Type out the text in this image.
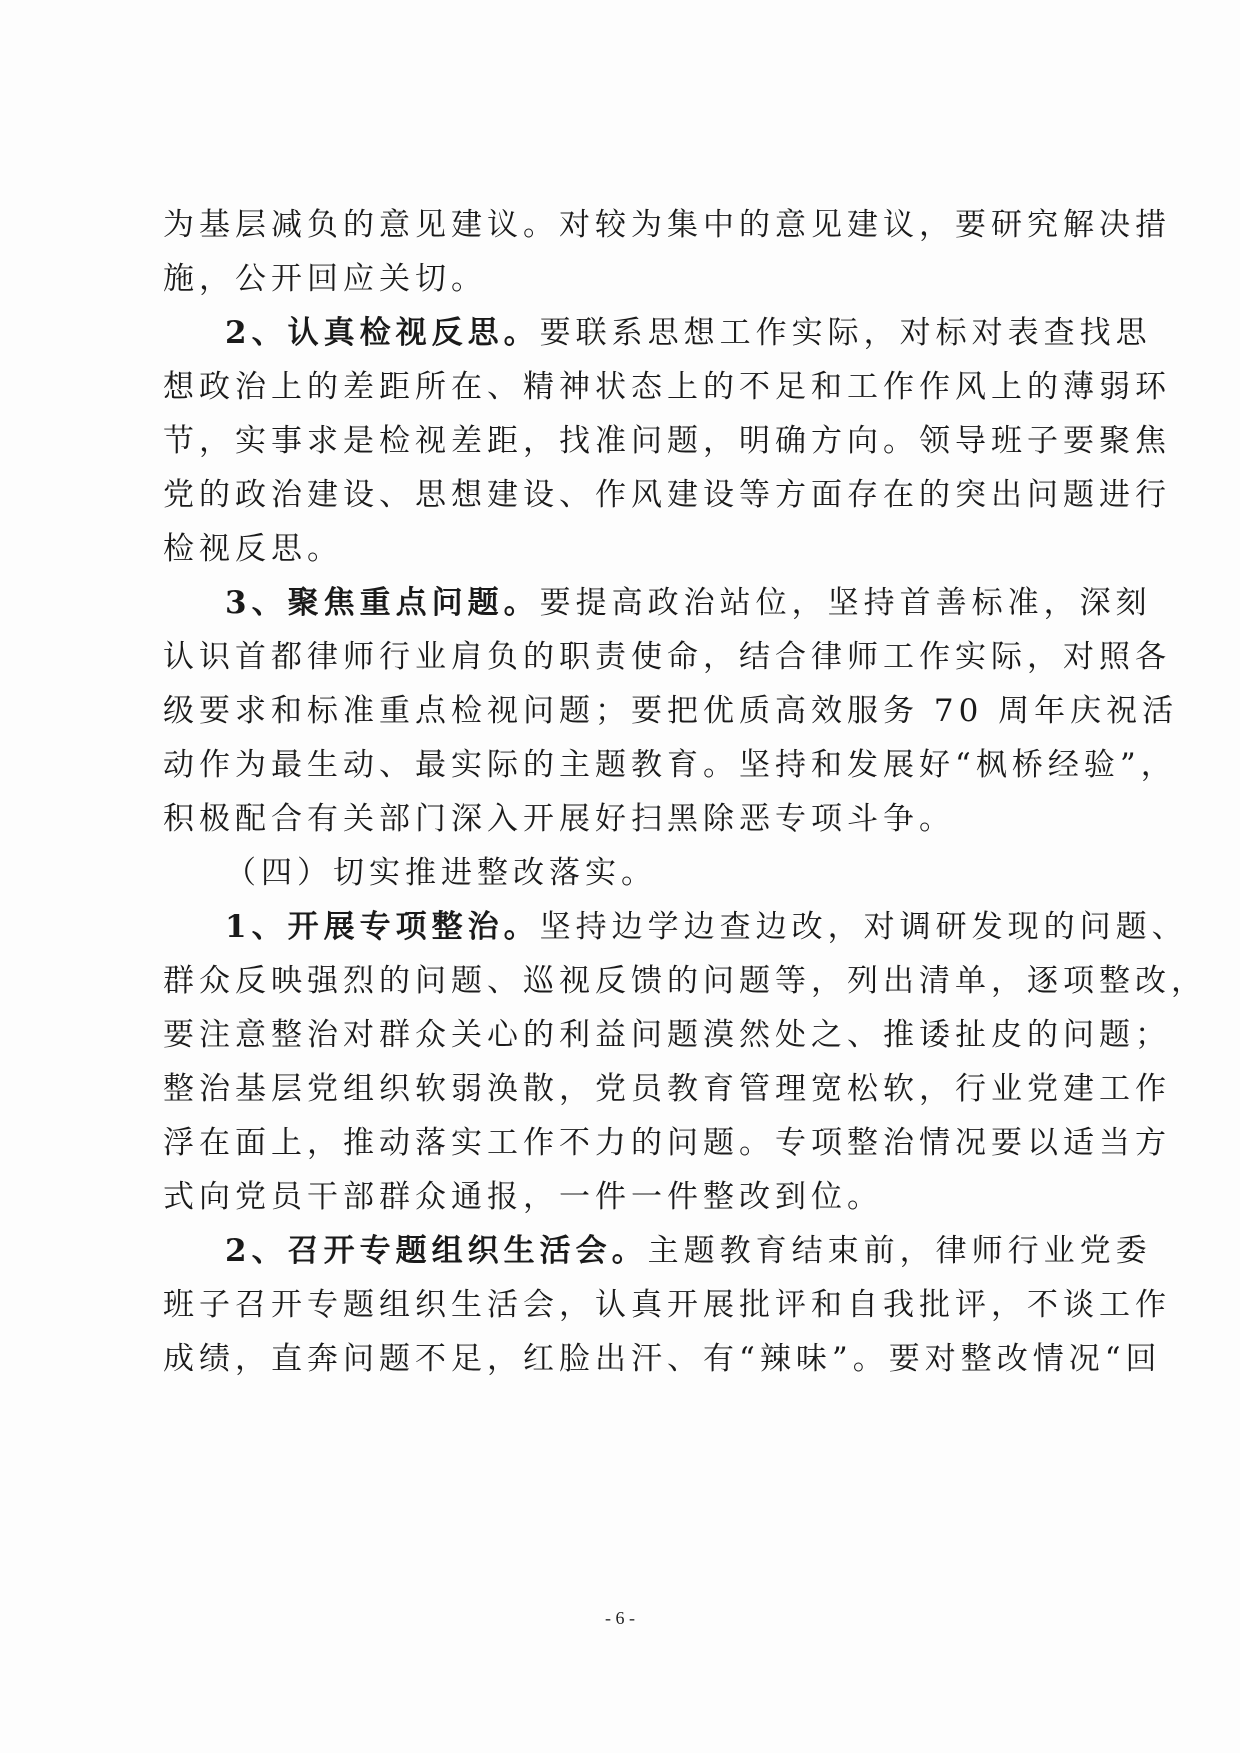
为基层减负的意见建议。对较为集中的意见建议，要研究解决措
施，公开回应关切。
2、认真检视反思。要联系思想工作实际，对标对表查找思
想政治上的差距所在、精神状态上的不足和工作作风上的薄弱环
节，实事求是检视差距，找准问题，明确方向。领导班子要聚焦
党的政治建设、思想建设、作风建设等方面存在的突出问题进行
检视反思。
3、聚焦重点问题。要提高政治站位，坚持首善标准，深刻
认识首都律师行业肩负的职责使命，结合律师工作实际，对照各
级要求和标准重点检视问题；要把优质高效服务 70 周年庆祝活
动作为最生动、最实际的主题教育。坚持和发展好“枫桥经验”，
积极配合有关部门深入开展好扫黑除恶专项斗争。
（四）切实推进整改落实。
1、开展专项整治。坚持边学边查边改，对调研发现的问题、
群众反映强烈的问题、巡视反馈的问题等，列出清单，逐项整改，
要注意整治对群众关心的利益问题漠然处之、推诿扯皮的问题；
整治基层党组织软弱涣散，党员教育管理宽松软，行业党建工作
浮在面上，推动落实工作不力的问题。专项整治情况要以适当方
式向党员干部群众通报，一件一件整改到位。
2、召开专题组织生活会。主题教育结束前，律师行业党委
班子召开专题组织生活会，认真开展批评和自我批评，不谈工作
成绩，直奔问题不足，红脸出汗、有“辣味”。要对整改情况“回
- 6 -
